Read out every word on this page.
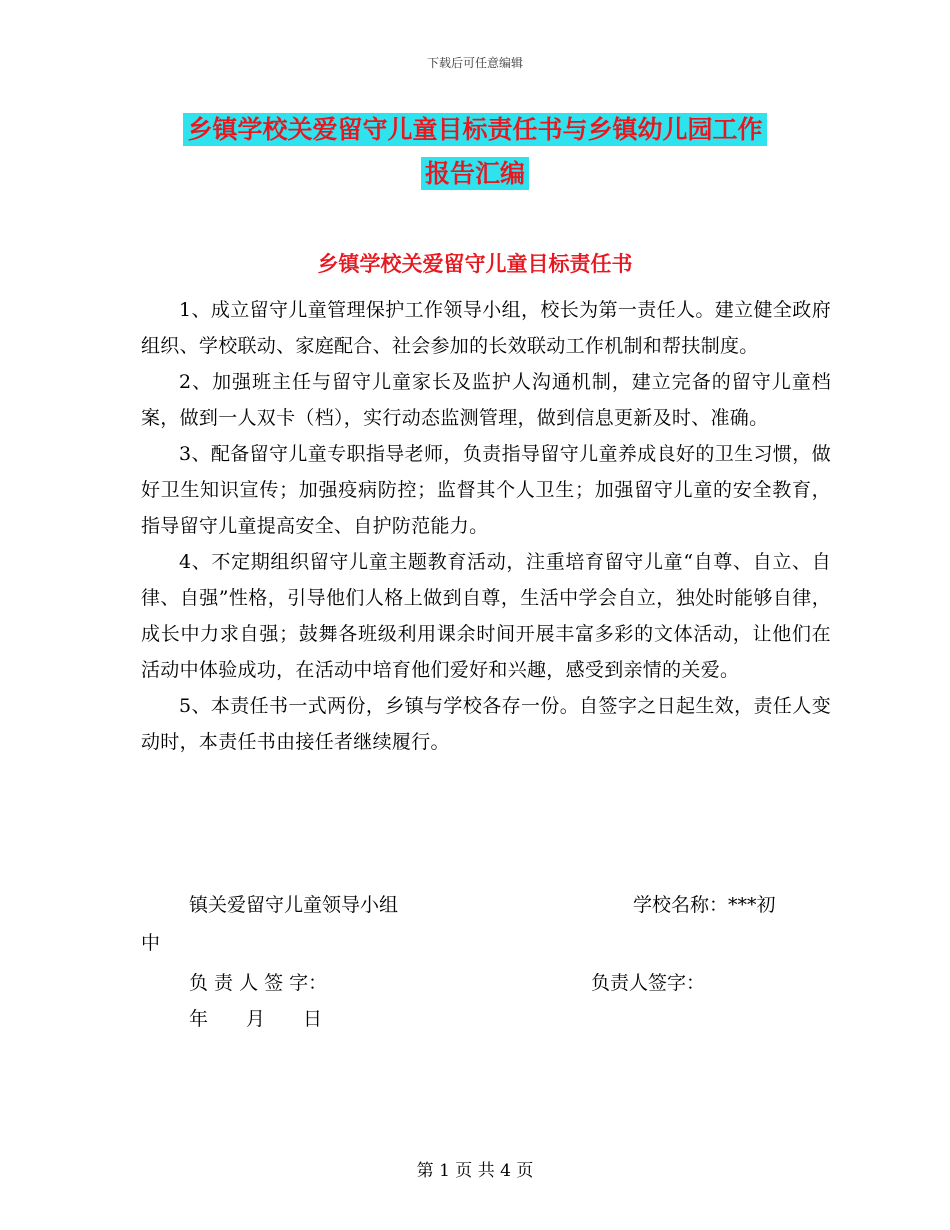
下载后可任意编辑
乡镇学校关爱留守儿童目标责任书与乡镇幼儿园工作
报告汇编
乡镇学校关爱留守儿童目标责任书

1、成立留守儿童管理保护工作领导小组，校长为第一责任人。建立健全政府组织、学校联动、家庭配合、社会参加的长效联动工作机制和帮扶制度。

2、加强班主任与留守儿童家长及监护人沟通机制，建立完备的留守儿童档案，做到一人双卡（档），实行动态监测管理，做到信息更新及时、准确。

3、配备留守儿童专职指导老师，负责指导留守儿童养成良好的卫生习惯，做好卫生知识宣传；加强疫病防控；监督其个人卫生；加强留守儿童的安全教育，指导留守儿童提高安全、自护防范能力。

4、不定期组织留守儿童主题教育活动，注重培育留守儿童“自尊、自立、自律、自强”性格，引导他们人格上做到自尊，生活中学会自立，独处时能够自律，成长中力求自强；鼓舞各班级利用课余时间开展丰富多彩的文体活动，让他们在活动中体验成功，在活动中培育他们爱好和兴趣，感受到亲情的关爱。

5、本责任书一式两份，乡镇与学校各存一份。自签字之日起生效，责任人变动时，本责任书由接任者继续履行。

镇关爱留守儿童领导小组	学校名称：***初
中
负 责 人 签 字：	负责人签字：
年　　月　　日
第 1 页 共 4 页
